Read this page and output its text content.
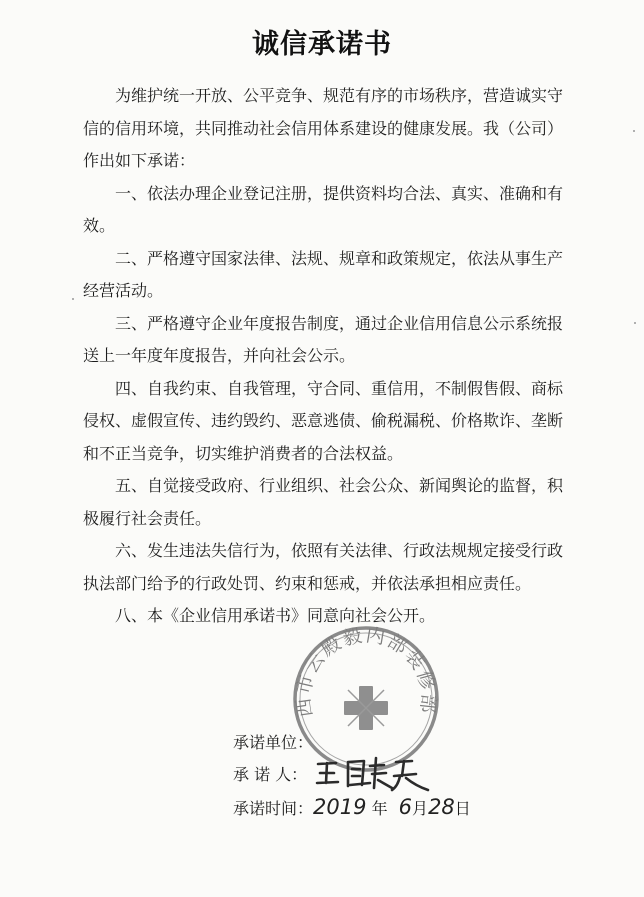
诚信承诺书

为维护统一开放、公平竞争、规范有序的市场秩序，营造诚实守信的信用环境，共同推动社会信用体系建设的健康发展。我（公司）作出如下承诺：

一、依法办理企业登记注册，提供资料均合法、真实、准确和有效。

二、严格遵守国家法律、法规、规章和政策规定，依法从事生产经营活动。

三、严格遵守企业年度报告制度，通过企业信用信息公示系统报送上一年度年度报告，并向社会公示。

四、自我约束、自我管理，守合同、重信用，不制假售假、商标侵权、虚假宣传、违约毁约、恶意逃债、偷税漏税、价格欺诈、垄断和不正当竞争，切实维护消费者的合法权益。

五、自觉接受政府、行业组织、社会公众、新闻舆论的监督，积极履行社会责任。

六、发生违法失信行为，依照有关法律、行政法规规定接受行政执法部门给予的行政处罚、约束和惩戒，并依法承担相应责任。

八、本《企业信用承诺书》同意向社会公开。

西市云殿毅内部装修部
承诺单位：
承 诺 人：
承诺时间：2019 年 6月28日
